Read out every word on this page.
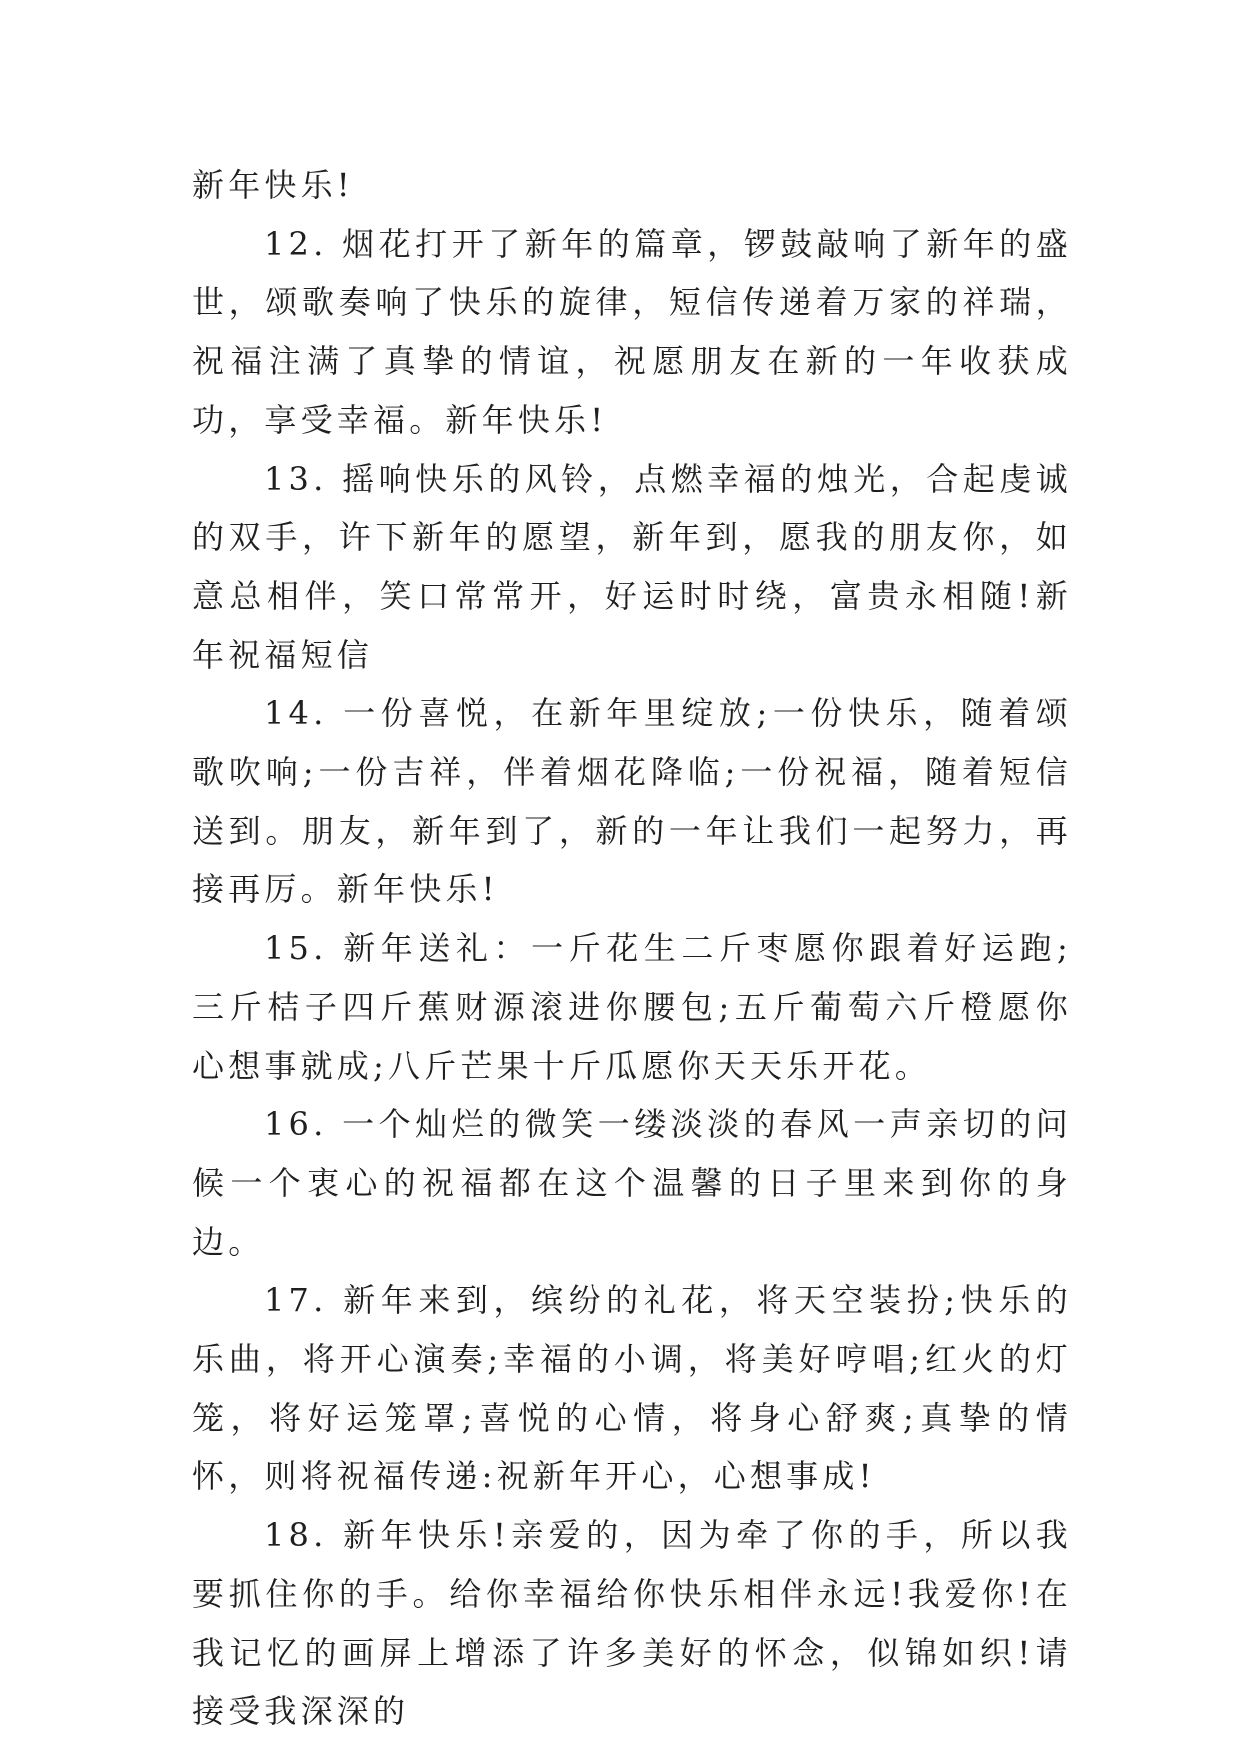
新年快乐!

12. 烟花打开了新年的篇章，锣鼓敲响了新年的盛世，颂歌奏响了快乐的旋律，短信传递着万家的祥瑞，祝福注满了真挚的情谊，祝愿朋友在新的一年收获成功，享受幸福。新年快乐!

13. 摇响快乐的风铃，点燃幸福的烛光，合起虔诚的双手，许下新年的愿望，新年到，愿我的朋友你，如意总相伴，笑口常常开，好运时时绕，富贵永相随!新年祝福短信

14. 一份喜悦，在新年里绽放;一份快乐，随着颂歌吹响;一份吉祥，伴着烟花降临;一份祝福，随着短信送到。朋友，新年到了，新的一年让我们一起努力，再接再厉。新年快乐!

15. 新年送礼：一斤花生二斤枣愿你跟着好运跑;三斤桔子四斤蕉财源滚进你腰包;五斤葡萄六斤橙愿你心想事就成;八斤芒果十斤瓜愿你天天乐开花。

16. 一个灿烂的微笑一缕淡淡的春风一声亲切的问候一个衷心的祝福都在这个温馨的日子里来到你的身边。

17. 新年来到，缤纷的礼花，将天空装扮;快乐的乐曲，将开心演奏;幸福的小调，将美好哼唱;红火的灯笼，将好运笼罩;喜悦的心情，将身心舒爽;真挚的情怀，则将祝福传递:祝新年开心，心想事成!

18. 新年快乐!亲爱的，因为牵了你的手，所以我要抓住你的手。给你幸福给你快乐相伴永远!我爱你!在我记忆的画屏上增添了许多美好的怀念，似锦如织!请接受我深深的
